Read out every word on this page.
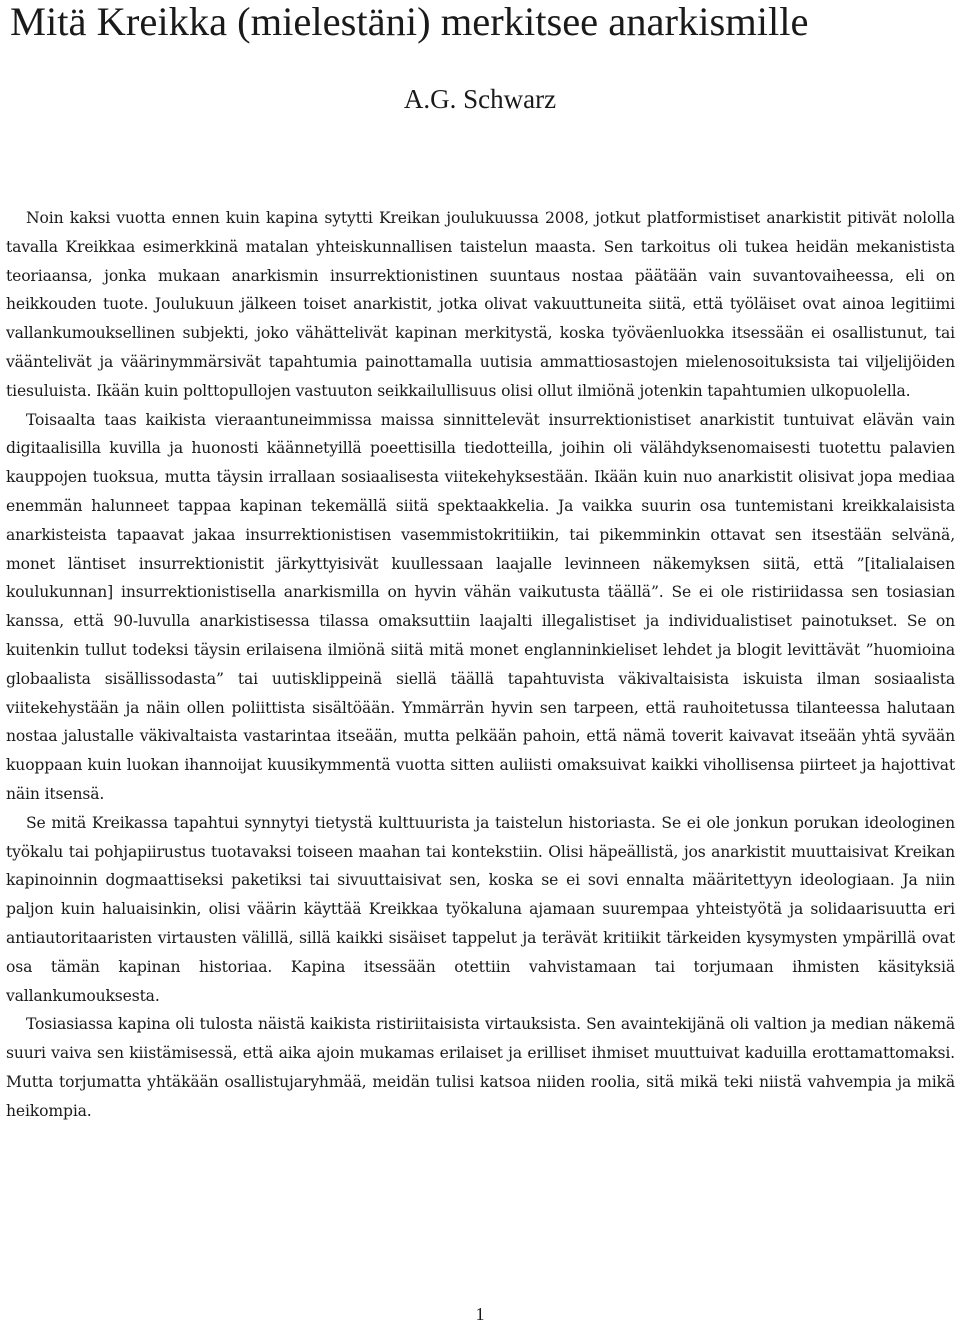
Mitä Kreikka (mielestäni) merkitsee anarkismille
A.G. Schwarz

Noin kaksi vuotta ennen kuin kapina sytytti Kreikan joulukuussa 2008, jotkut platformistiset anarkistit pitivät nololla tavalla Kreikkaa esimerkkinä matalan yhteiskunnallisen taistelun maasta. Sen tarkoitus oli tukea heidän mekanistista teoriaansa, jonka mukaan anarkismin insurrektionistinen suuntaus nostaa päätään vain suvantovaiheessa, eli on heikkouden tuote. Joulukuun jälkeen toiset anarkistit, jotka olivat vakuuttuneita siitä, että työläiset ovat ainoa legitiimi vallankumouksellinen subjekti, joko vähättelivät kapinan merkitystä, koska työväenluokka itsessään ei osallistunut, tai vääntelivät ja väärinymmärsivät tapahtumia painottamalla uutisia ammattiosastojen mielenosoituksista tai viljelijöiden tiesuluista. Ikään kuin polttopullojen vastuuton seikkailullisuus olisi ollut ilmiönä jotenkin tapahtumien ulkopuolella.

Toisaalta taas kaikista vieraantuneimmissa maissa sinnittelevät insurrektionistiset anarkistit tuntuivat elävän vain digitaalisilla kuvilla ja huonosti käännetyillä poeettisilla tiedotteilla, joihin oli välähdyksenomaisesti tuotettu palavien kauppojen tuoksua, mutta täysin irrallaan sosiaalisesta viitekehyksestään. Ikään kuin nuo anarkistit olisivat jopa mediaa enemmän halunneet tappaa kapinan tekemällä siitä spektaakkelia. Ja vaikka suurin osa tuntemistani kreikkalaisista anarkisteista tapaavat jakaa insurrektionistisen vasemmistokritiikin, tai pikemminkin ottavat sen itsestään selvänä, monet läntiset insurrektionistit järkyttyisivät kuullessaan laajalle levinneen näkemyksen siitä, että ”[italialaisen koulukunnan] insurrektionistisella anarkismilla on hyvin vähän vaikutusta täällä”. Se ei ole ristiriidassa sen tosiasian kanssa, että 90-luvulla anarkistisessa tilassa omaksuttiin laajalti illegalistiset ja individualistiset painotukset. Se on kuitenkin tullut todeksi täysin erilaisena ilmiönä siitä mitä monet englanninkieliset lehdet ja blogit levittävät ”huomioina globaalista sisällissodasta” tai uutisklippeinä siellä täällä tapahtuvista väkivaltaisista iskuista ilman sosiaalista viitekehystään ja näin ollen poliittista sisältöään. Ymmärrän hyvin sen tarpeen, että rauhoitetussa tilanteessa halutaan nostaa jalustalle väkivaltaista vastarintaa itseään, mutta pelkään pahoin, että nämä toverit kaivavat itseään yhtä syvään kuoppaan kuin luokan ihannoijat kuusikymmentä vuotta sitten auliisti omaksuivat kaikki vihollisensa piirteet ja hajottivat näin itsensä.

Se mitä Kreikassa tapahtui synnytyi tietystä kulttuurista ja taistelun historiasta. Se ei ole jonkun porukan ideologinen työkalu tai pohjapiirustus tuotavaksi toiseen maahan tai kontekstiin. Olisi häpeällistä, jos anarkistit muuttaisivat Kreikan kapinoinnin dogmaattiseksi paketiksi tai sivuuttaisivat sen, koska se ei sovi ennalta määritettyyn ideologiaan. Ja niin paljon kuin haluaisinkin, olisi väärin käyttää Kreikkaa työkaluna ajamaan suurempaa yhteistyötä ja solidaarisuutta eri antiautoritaaristen virtausten välillä, sillä kaikki sisäiset tappelut ja terävät kritiikit tärkeiden kysymysten ympärillä ovat osa tämän kapinan historiaa. Kapina itsessään otettiin vahvistamaan tai torjumaan ihmisten käsityksiä vallankumouksesta.

Tosiasiassa kapina oli tulosta näistä kaikista ristiriitaisista virtauksista. Sen avaintekijänä oli valtion ja median näkemä suuri vaiva sen kiistämisessä, että aika ajoin mukamas erilaiset ja erilliset ihmiset muuttuivat kaduilla erottamattomaksi. Mutta torjumatta yhtäkään osallistujaryhmää, meidän tulisi katsoa niiden roolia, sitä mikä teki niistä vahvempia ja mikä heikompia.

1
